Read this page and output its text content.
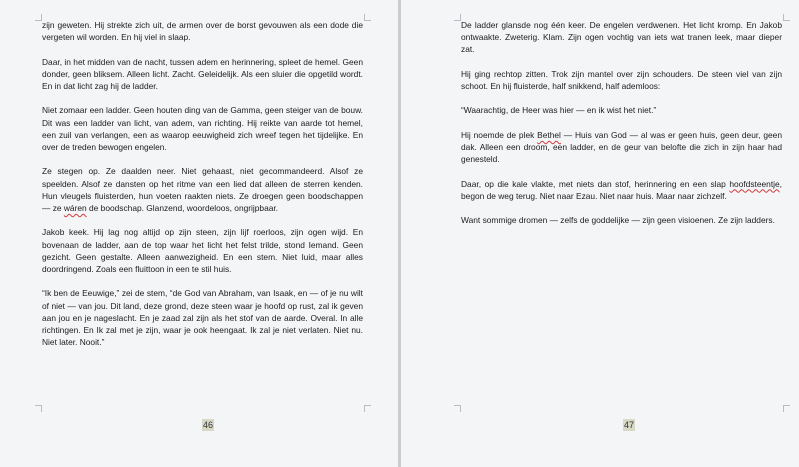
zijn geweten. Hij strekte zich uit, de armen over de borst gevouwen als een dode die vergeten wil worden. En hij viel in slaap.

Daar, in het midden van de nacht, tussen adem en herinnering, spleet de hemel. Geen donder, geen bliksem. Alleen licht. Zacht. Geleidelijk. Als een sluier die opgetild wordt. En in dat licht zag hij de ladder.

Niet zomaar een ladder. Geen houten ding van de Gamma, geen steiger van de bouw. Dit was een ladder van licht, van adem, van richting. Hij reikte van aarde tot hemel, een zuil van verlangen, een as waarop eeuwigheid zich wreef tegen het tijdelijke. En over de treden bewogen engelen.

Ze stegen op. Ze daalden neer. Niet gehaast, niet gecommandeerd. Alsof ze speelden. Alsof ze dansten op het ritme van een lied dat alleen de sterren kenden. Hun vleugels fluisterden, hun voeten raakten niets. Ze droegen geen boodschappen — ze wáren de boodschap. Glanzend, woordeloos, ongrijpbaar.

Jakob keek. Hij lag nog altijd op zijn steen, zijn lijf roerloos, zijn ogen wijd. En bovenaan de ladder, aan de top waar het licht het felst trilde, stond Iemand. Geen gezicht. Geen gestalte. Alleen aanwezigheid. En een stem. Niet luid, maar alles doordringend. Zoals een fluittoon in een te stil huis.

“Ik ben de Eeuwige,” zei de stem, “de God van Abraham, van Isaak, en — of je nu wilt of niet — van jou. Dit land, deze grond, deze steen waar je hoofd op rust, zal ik geven aan jou en je nageslacht. En je zaad zal zijn als het stof van de aarde. Overal. In alle richtingen. En Ik zal met je zijn, waar je ook heengaat. Ik zal je niet verlaten. Niet nu. Niet later. Nooit.”

46

De ladder glansde nog één keer. De engelen verdwenen. Het licht kromp. En Jakob ontwaakte. Zweterig. Klam. Zijn ogen vochtig van iets wat tranen leek, maar dieper zat.

Hij ging rechtop zitten. Trok zijn mantel over zijn schouders. De steen viel van zijn schoot. En hij fluisterde, half snikkend, half ademloos:

“Waarachtig, de Heer was hier — en ik wist het niet.”

Hij noemde de plek Bethel — Huis van God — al was er geen huis, geen deur, geen dak. Alleen een droom, een ladder, en de geur van belofte die zich in zijn haar had genesteld.

Daar, op die kale vlakte, met niets dan stof, herinnering en een slap hoofdsteentje, begon de weg terug. Niet naar Ezau. Niet naar huis. Maar naar zichzelf.

Want sommige dromen — zelfs de goddelijke — zijn geen visioenen. Ze zijn ladders.

47
